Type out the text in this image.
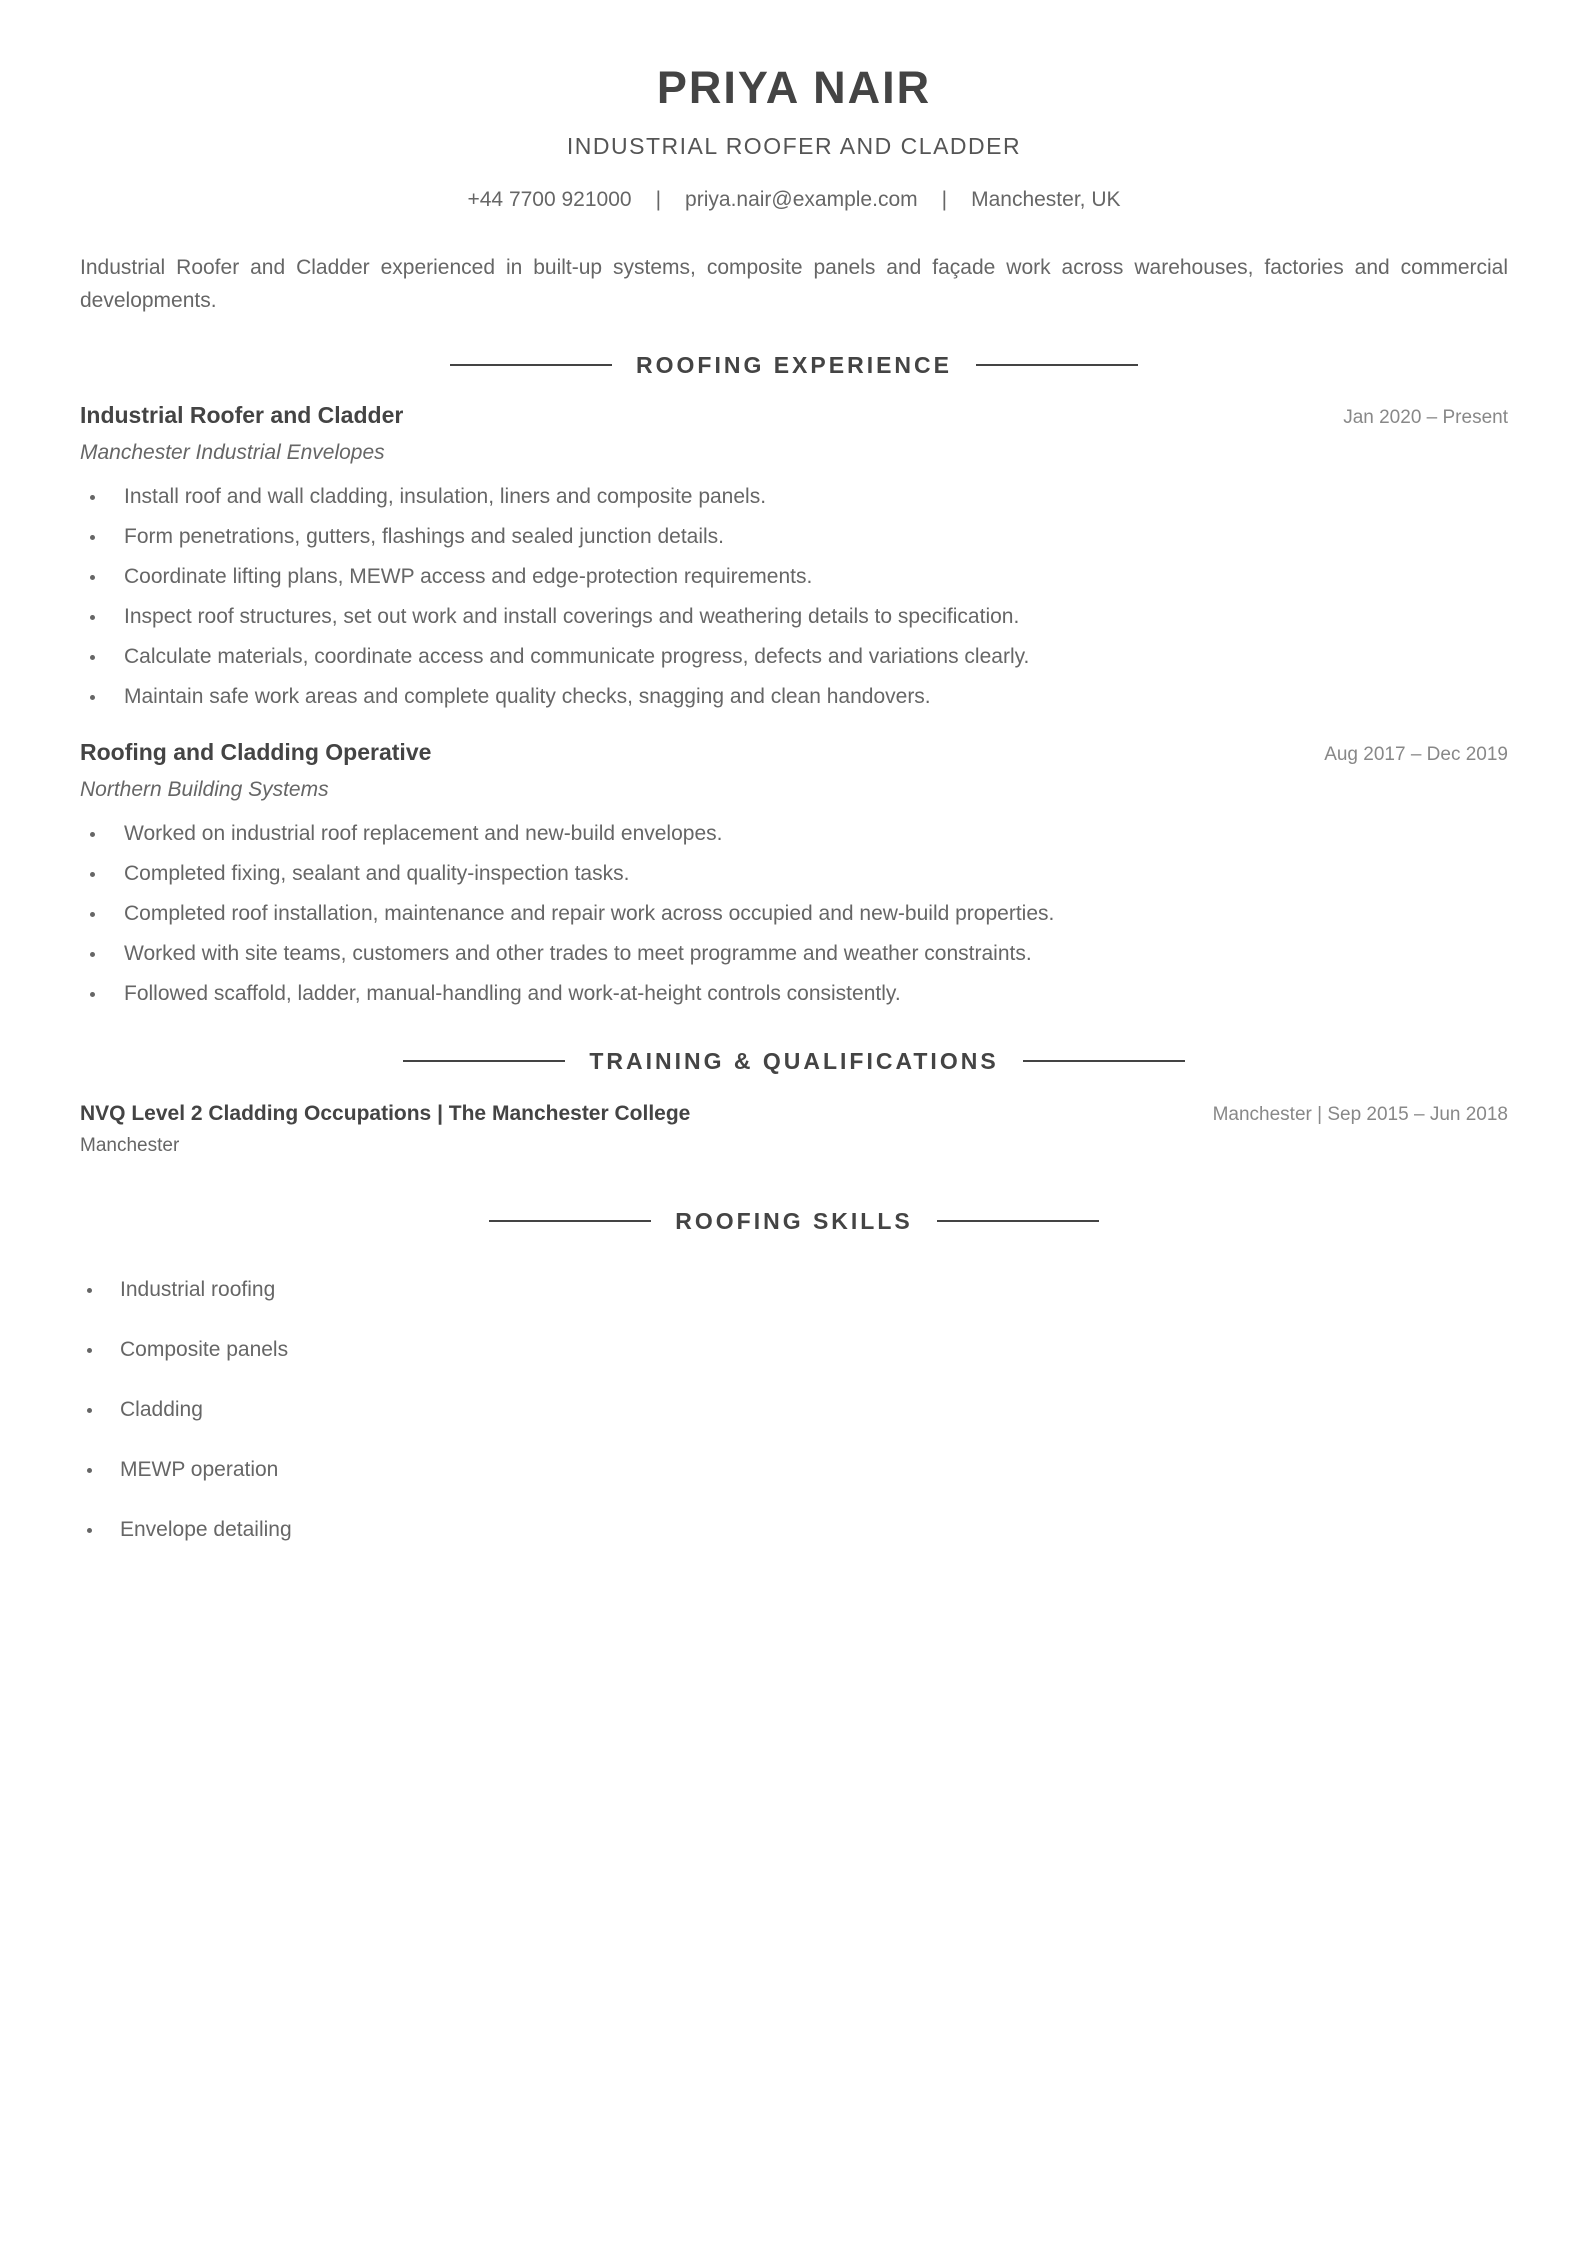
PRIYA NAIR
INDUSTRIAL ROOFER AND CLADDER
+44 7700 921000 | priya.nair@example.com | Manchester, UK

Industrial Roofer and Cladder experienced in built-up systems, composite panels and façade work across warehouses, factories and commercial developments.

ROOFING EXPERIENCE
Industrial Roofer and Cladder	Jan 2020 – Present
Manchester Industrial Envelopes
Install roof and wall cladding, insulation, liners and composite panels.
Form penetrations, gutters, flashings and sealed junction details.
Coordinate lifting plans, MEWP access and edge-protection requirements.
Inspect roof structures, set out work and install coverings and weathering details to specification.
Calculate materials, coordinate access and communicate progress, defects and variations clearly.
Maintain safe work areas and complete quality checks, snagging and clean handovers.
Roofing and Cladding Operative	Aug 2017 – Dec 2019
Northern Building Systems
Worked on industrial roof replacement and new-build envelopes.
Completed fixing, sealant and quality-inspection tasks.
Completed roof installation, maintenance and repair work across occupied and new-build properties.
Worked with site teams, customers and other trades to meet programme and weather constraints.
Followed scaffold, ladder, manual-handling and work-at-height controls consistently.
TRAINING & QUALIFICATIONS
NVQ Level 2 Cladding Occupations | The Manchester College	Manchester | Sep 2015 – Jun 2018
Manchester
ROOFING SKILLS
Industrial roofing
Composite panels
Cladding
MEWP operation
Envelope detailing
